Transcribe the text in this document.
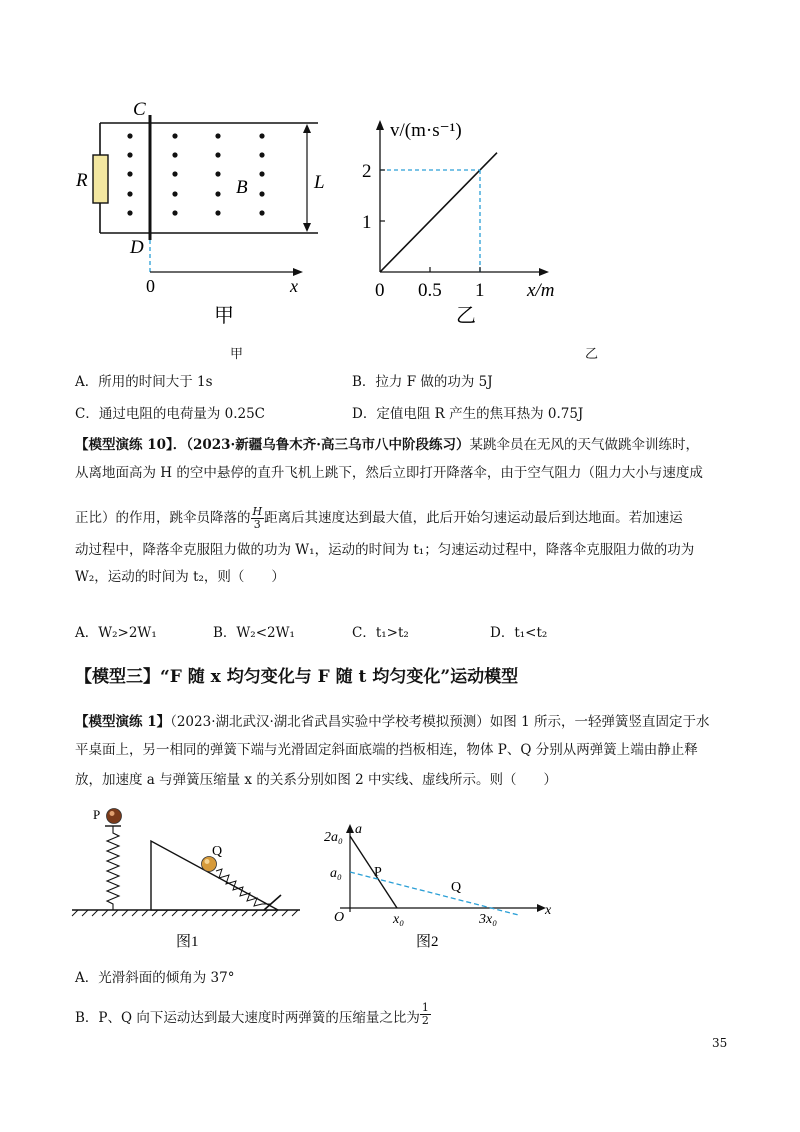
C
D
R	B	L
0	x
甲
v/(m·s⁻¹)
x/m
乙
1
2
0 0.5 1
甲	乙
A．所用的时间大于 1s	B．拉力 F 做的功为 5J
C．通过电阻的电荷量为 0.25C	D．定值电阻 R 产生的焦耳热为 0.75J
【模型演练 10】．（2023·新疆乌鲁木齐·高三乌市八中阶段练习）某跳伞员在无风的天气做跳伞训练时，
从离地面高为 H 的空中悬停的直升飞机上跳下，然后立即打开降落伞，由于空气阻力（阻力大小与速度成
正比）的作用，跳伞员降落的 $\frac{H}{3}$ 距离后其速度达到最大值，此后开始匀速运动最后到达地面。若加速运
动过程中，降落伞克服阻力做的功为 W₁，运动的时间为 t₁；匀速运动过程中，降落伞克服阻力做的功为
W₂，运动的时间为 t₂，则（　　）
A．W₂>2W₁	B．W₂<2W₁	C．t₁>t₂	D．t₁<t₂
【模型三】“F 随 x 均匀变化与 F 随 t 均匀变化”运动模型
【模型演练 1】（2023·湖北武汉·湖北省武昌实验中学校考模拟预测）如图 1 所示，一轻弹簧竖直固定于水
平桌面上，另一相同的弹簧下端与光滑固定斜面底端的挡板相连，物体 P、Q 分别从两弹簧上端由静止释
放，加速度 a 与弹簧压缩量 x 的关系分别如图 2 中实线、虚线所示。则（　　）
P
Q
图1
a
x
O
P
Q
图2
2a₀
a₀
x₀	3x₀
A．光滑斜面的倾角为 37°
B．P、Q 向下运动达到最大速度时两弹簧的压缩量之比为 $\frac{1}{2}$
35
